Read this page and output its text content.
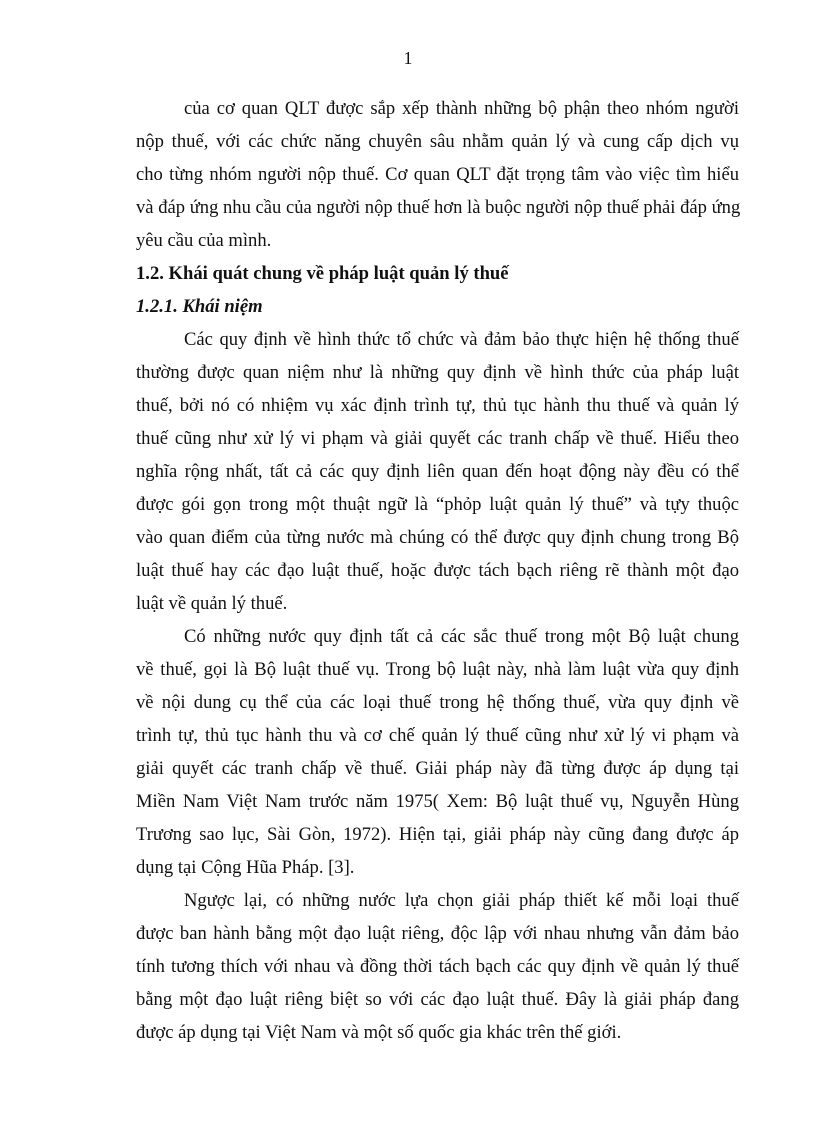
1

của cơ quan QLT được sắp xếp thành những bộ phận theo nhóm người
nộp thuế, với các chức năng chuyên sâu nhằm quản lý và cung cấp dịch vụ
cho từng nhóm người nộp thuế. Cơ quan QLT đặt trọng tâm vào việc tìm hiểu
và đáp ứng nhu cầu của người nộp thuế hơn là buộc người nộp thuế phải đáp ứng
yêu cầu của mình.

1.2. Khái quát chung về pháp luật quản lý thuế

1.2.1. Khái niệm

Các quy định về hình thức tổ chức và đảm bảo thực hiện hệ thống thuế
thường được quan niệm như là những quy định về hình thức của pháp luật
thuế, bởi nó có nhiệm vụ xác định trình tự, thủ tục hành thu thuế và quản lý
thuế cũng như xử lý vi phạm và giải quyết các tranh chấp về thuế. Hiểu theo
nghĩa rộng nhất, tất cả các quy định liên quan đến hoạt động này đều có thể
được gói gọn trong một thuật ngữ là “phỏp luật quản lý thuế” và tựy thuộc
vào quan điểm của từng nước mà chúng có thể được quy định chung trong Bộ
luật thuế hay các đạo luật thuế, hoặc được tách bạch riêng rẽ thành một đạo
luật về quản lý thuế.

Có những nước quy định tất cả các sắc thuế trong một Bộ luật chung
về thuế, gọi là Bộ luật thuế vụ. Trong bộ luật này, nhà làm luật vừa quy định
về nội dung cụ thể của các loại thuế trong hệ thống thuế, vừa quy định về
trình tự, thủ tục hành thu và cơ chế quản lý thuế cũng như xử lý vi phạm và
giải quyết các tranh chấp về thuế. Giải pháp này đã từng được áp dụng tại
Miền Nam Việt Nam trước năm 1975( Xem: Bộ luật thuế vụ, Nguyễn Hùng
Trương sao lục, Sài Gòn, 1972). Hiện tại, giải pháp này cũng đang được áp
dụng tại Cộng Hũa Pháp. [3].

Ngược lại, có những nước lựa chọn giải pháp thiết kế mỗi loại thuế
được ban hành bằng một đạo luật riêng, độc lập với nhau nhưng vẫn đảm bảo
tính tương thích với nhau và đồng thời tách bạch các quy định về quản lý thuế
bằng một đạo luật riêng biệt so với các đạo luật thuế. Đây là giải pháp đang
được áp dụng tại Việt Nam và một số quốc gia khác trên thế giới.
